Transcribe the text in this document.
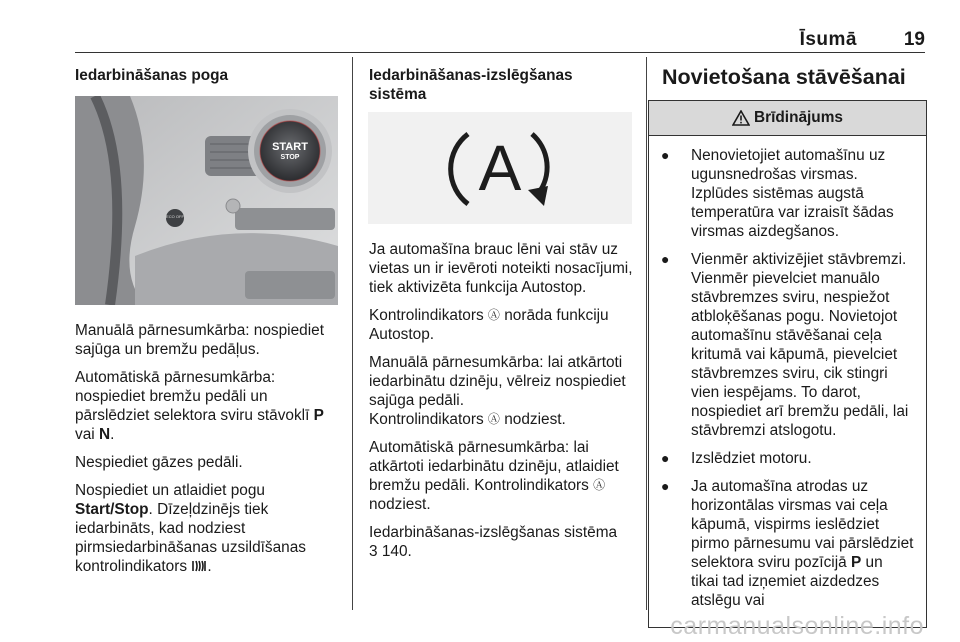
Īsumā 19
Iedarbināšanas poga
START
STOP
ECO OFF

Manuālā pārnesumkārba: nospiediet sajūga un bremžu pedāļus.

Automātiskā pārnesumkārba: nospiediet bremžu pedāli un pārslēdziet selektora sviru stāvoklī P vai N.

Nespiediet gāzes pedāli.

Nospiediet un atlaidiet pogu Start/Stop. Dīzeļdzinējs tiek iedarbināts, kad nodziest pirmsiedarbināšanas uzsildīšanas kontrolindikators .

Iedarbināšanas-izslēgšanas sistēma
A

Ja automašīna brauc lēni vai stāv uz vietas un ir ievēroti noteikti nosacījumi, tiek aktivizēta funkcija Autostop.

Kontrolindikators Ⓐ norāda funkciju Autostop.

Manuālā pārnesumkārba: lai atkārtoti iedarbinātu dzinēju, vēlreiz nospiediet sajūga pedāli.
Kontrolindikators Ⓐ nodziest.

Automātiskā pārnesumkārba: lai atkārtoti iedarbinātu dzinēju, atlaidiet bremžu pedāli. Kontrolindikators Ⓐ nodziest.

Iedarbināšanas-izslēgšanas sistēma
3 140.

Novietošana stāvēšanai
Brīdinājums
●	Nenovietojiet automašīnu uz ugunsnedrošas virsmas. Izplūdes sistēmas augstā temperatūra var izraisīt šādas virsmas aizdegšanos.
●	Vienmēr aktivizējiet stāvbremzi. Vienmēr pievelciet manuālo stāvbremzes sviru, nespiežot atbloķēšanas pogu. Novietojot automašīnu stāvēšanai ceļa kritumā vai kāpumā, pievelciet stāvbremzes sviru, cik stingri vien iespējams. To darot, nospiediet arī bremžu pedāli, lai stāvbremzi atslogotu.
●	Izslēdziet motoru.
●	Ja automašīna atrodas uz horizontālas virsmas vai ceļa kāpumā, vispirms ieslēdziet pirmo pārnesumu vai pārslēdziet selektora sviru pozīcijā P un tikai tad izņemiet aizdedzes atslēgu vai
carmanualsonline.info
